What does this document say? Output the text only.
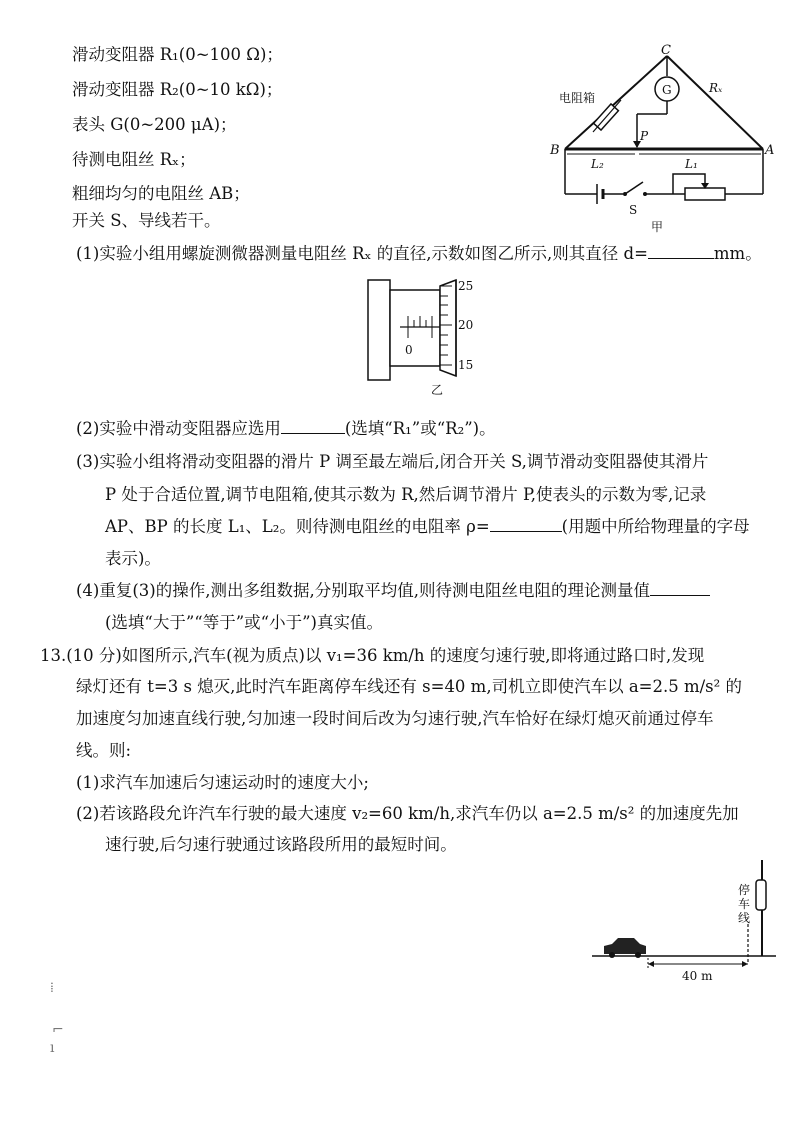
滑动变阻器 R₁(0~100 Ω)；
滑动变阻器 R₂(0~10 kΩ)；
表头 G(0~200 μA)；
待测电阻丝 Rₓ；
粗细均匀的电阻丝 AB；
开关 S、导线若干。
C
G	Rₓ
电阻箱
P
B	A
L₂	L₁
S
甲
(1)实验小组用螺旋测微器测量电阻丝 Rₓ 的直径,示数如图乙所示,则其直径 d=	mm。
25
20
15
0
乙
(2)实验中滑动变阻器应选用	(选填“R₁”或“R₂”)。
(3)实验小组将滑动变阻器的滑片 P 调至最左端后,闭合开关 S,调节滑动变阻器使其滑片
P 处于合适位置,调节电阻箱,使其示数为 R,然后调节滑片 P,使表头的示数为零,记录
AP、BP 的长度 L₁、L₂。则待测电阻丝的电阻率 ρ=	(用题中所给物理量的字母
表示)。
(4)重复(3)的操作,测出多组数据,分别取平均值,则待测电阻丝电阻的理论测量值
(选填“大于”“等于”或“小于”)真实值。
13.(10 分)如图所示,汽车(视为质点)以 v₁=36 km/h 的速度匀速行驶,即将通过路口时,发现
绿灯还有 t=3 s 熄灭,此时汽车距离停车线还有 s=40 m,司机立即使汽车以 a=2.5 m/s² 的
加速度匀加速直线行驶,匀加速一段时间后改为匀速行驶,汽车恰好在绿灯熄灭前通过停车
线。则:
(1)求汽车加速后匀速运动时的速度大小;
(2)若该路段允许汽车行驶的最大速度 v₂=60 km/h,求汽车仍以 a=2.5 m/s² 的加速度先加
速行驶,后匀速行驶通过该路段所用的最短时间。
40 m
停车线
⁞
⌐
ı
